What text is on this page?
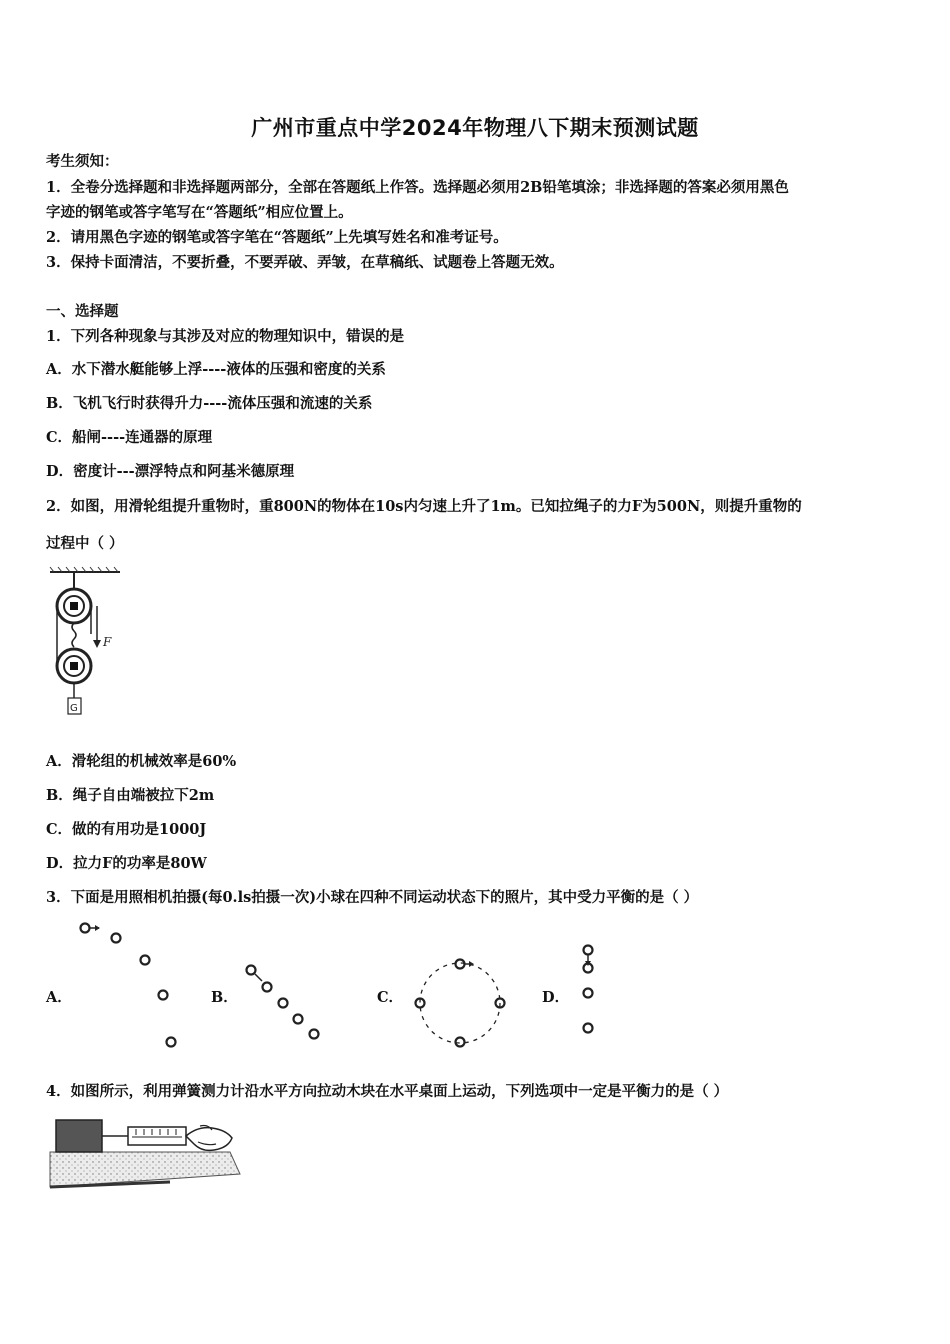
广州市重点中学2024年物理八下期末预测试题
考生须知：
1．全卷分选择题和非选择题两部分，全部在答题纸上作答。选择题必须用2B铅笔填涂；非选择题的答案必须用黑色
字迹的钢笔或答字笔写在“答题纸”相应位置上。
2．请用黑色字迹的钢笔或答字笔在“答题纸”上先填写姓名和准考证号。
3．保持卡面清洁，不要折叠，不要弄破、弄皱，在草稿纸、试题卷上答题无效。
一、选择题
1．下列各种现象与其涉及对应的物理知识中，错误的是
A．水下潜水艇能够上浮----液体的压强和密度的关系
B．飞机飞行时获得升力----流体压强和流速的关系
C．船闸----连通器的原理
D．密度计---漂浮特点和阿基米德原理
2．如图，用滑轮组提升重物时，重800N的物体在10s内匀速上升了1m。已知拉绳子的力F为500N，则提升重物的
过程中（ ）
F
G
A．滑轮组的机械效率是60%
B．绳子自由端被拉下2m
C．做的有用功是1000J
D．拉力F的功率是80W
3．下面是用照相机拍摄(每0.ls拍摄一次)小球在四种不同运动状态下的照片，其中受力平衡的是（ ）
A．	B．	C．	D．
4．如图所示，利用弹簧测力计沿水平方向拉动木块在水平桌面上运动，下列选项中一定是平衡力的是（ ）
